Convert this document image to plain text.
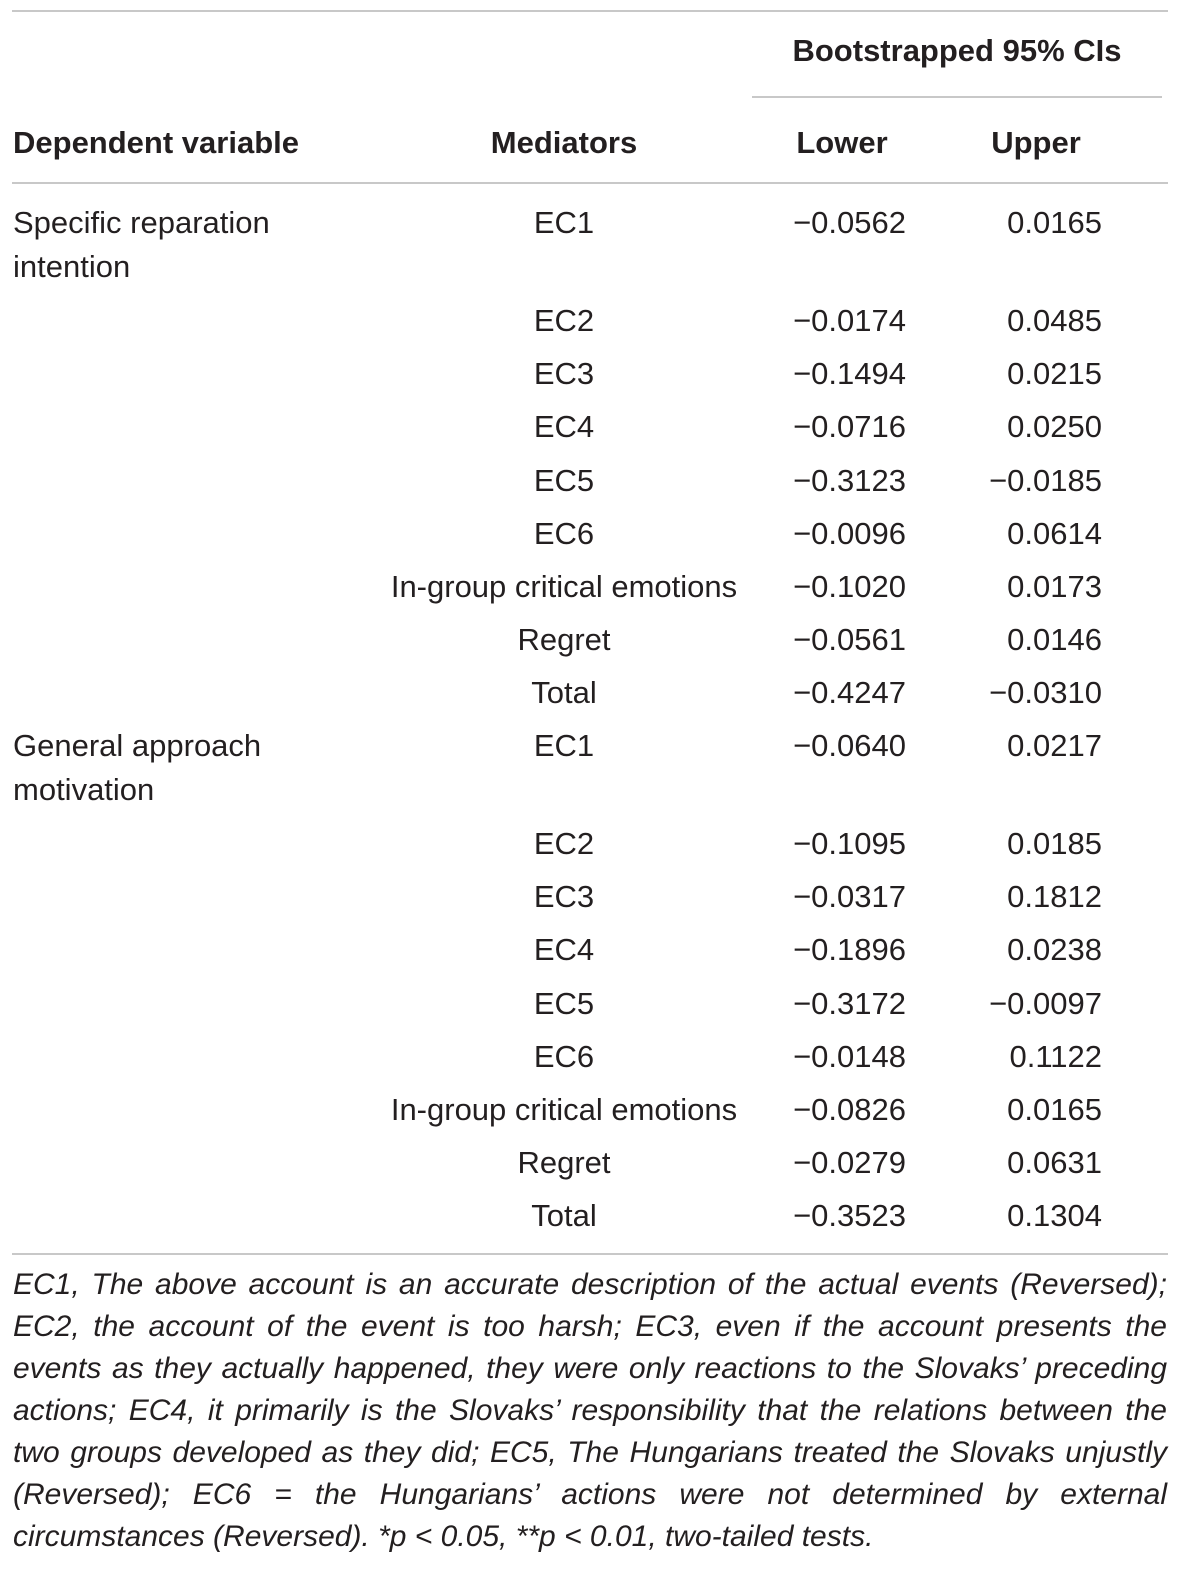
Bootstrapped 95% CIs
Dependent variable	Mediators	Lower	Upper
Specific reparation intention
EC1	−0.0562	0.0165
EC2	−0.0174	0.0485
EC3	−0.1494	0.0215
EC4	−0.0716	0.0250
EC5	−0.3123	−0.0185
EC6	−0.0096	0.0614
In-group critical emotions	−0.1020	0.0173
Regret	−0.0561	0.0146
Total	−0.4247	−0.0310
General approach motivation
EC1	−0.0640	0.0217
EC2	−0.1095	0.0185
EC3	−0.0317	0.1812
EC4	−0.1896	0.0238
EC5	−0.3172	−0.0097
EC6	−0.0148	0.1122
In-group critical emotions	−0.0826	0.0165
Regret	−0.0279	0.0631
Total	−0.3523	0.1304
EC1, The above account is an accurate description of the actual events (Reversed); EC2, the account of the event is too harsh; EC3, even if the account presents the events as they actually happened, they were only reactions to the Slovaks’ preceding actions; EC4, it primarily is the Slovaks’ responsibility that the relations between the two groups developed as they did; EC5, The Hungarians treated the Slovaks unjustly (Reversed); EC6 = the Hungarians’ actions were not determined by external circumstances (Reversed). *p < 0.05, **p < 0.01, two-tailed tests.
